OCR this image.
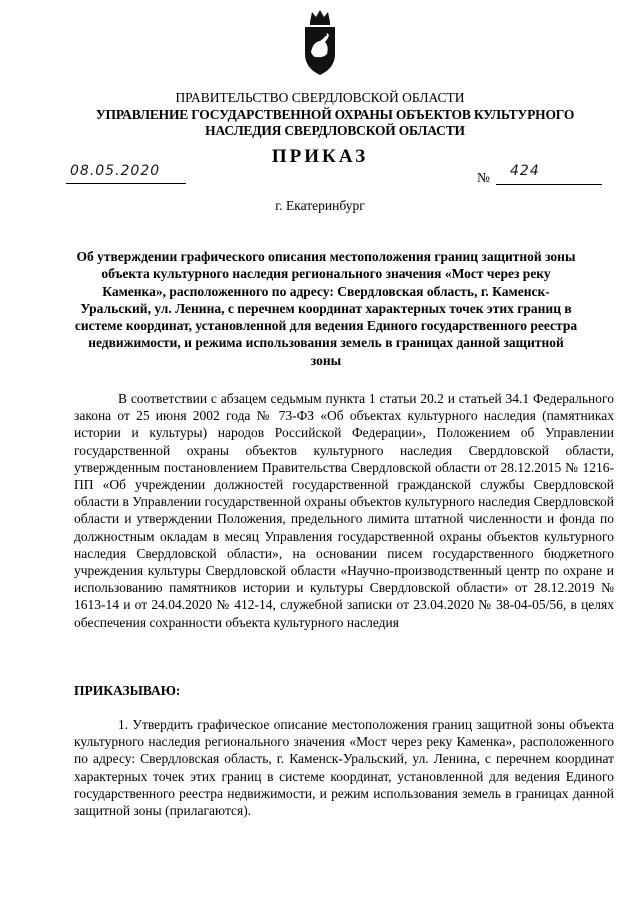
ПРАВИТЕЛЬСТВО СВЕРДЛОВСКОЙ ОБЛАСТИ
УПРАВЛЕНИЕ ГОСУДАРСТВЕННОЙ ОХРАНЫ ОБЪЕКТОВ КУЛЬТУРНОГО НАСЛЕДИЯ СВЕРДЛОВСКОЙ ОБЛАСТИ
ПРИКАЗ
08.05.2020	№ 424
г. Екатеринбург
Об утверждении графического описания местоположения границ защитной зоны объекта культурного наследия регионального значения «Мост через реку Каменка», расположенного по адресу: Свердловская область, г. Каменск-Уральский, ул. Ленина, с перечнем координат характерных точек этих границ в системе координат, установленной для ведения Единого государственного реестра недвижимости, и режима использования земель в границах данной защитной зоны
В соответствии с абзацем седьмым пункта 1 статьи 20.2 и статьей 34.1 Федерального закона от 25 июня 2002 года № 73-ФЗ «Об объектах культурного наследия (памятниках истории и культуры) народов Российской Федерации», Положением об Управлении государственной охраны объектов культурного наследия Свердловской области, утвержденным постановлением Правительства Свердловской области от 28.12.2015 № 1216-ПП «Об учреждении должностей государственной гражданской службы Свердловской области в Управлении государственной охраны объектов культурного наследия Свердловской области и утверждении Положения, предельного лимита штатной численности и фонда по должностным окладам в месяц Управления государственной охраны объектов культурного наследия Свердловской области», на основании писем государственного бюджетного учреждения культуры Свердловской области «Научно-производственный центр по охране и использованию памятников истории и культуры Свердловской области» от 28.12.2019 № 1613-14 и от 24.04.2020 № 412-14, служебной записки от 23.04.2020 № 38-04-05/56, в целях обеспечения сохранности объекта культурного наследия
ПРИКАЗЫВАЮ:
1. Утвердить графическое описание местоположения границ защитной зоны объекта культурного наследия регионального значения «Мост через реку Каменка», расположенного по адресу: Свердловская область, г. Каменск-Уральский, ул. Ленина, с перечнем координат характерных точек этих границ в системе координат, установленной для ведения Единого государственного реестра недвижимости, и режим использования земель в границах данной защитной зоны (прилагаются).
